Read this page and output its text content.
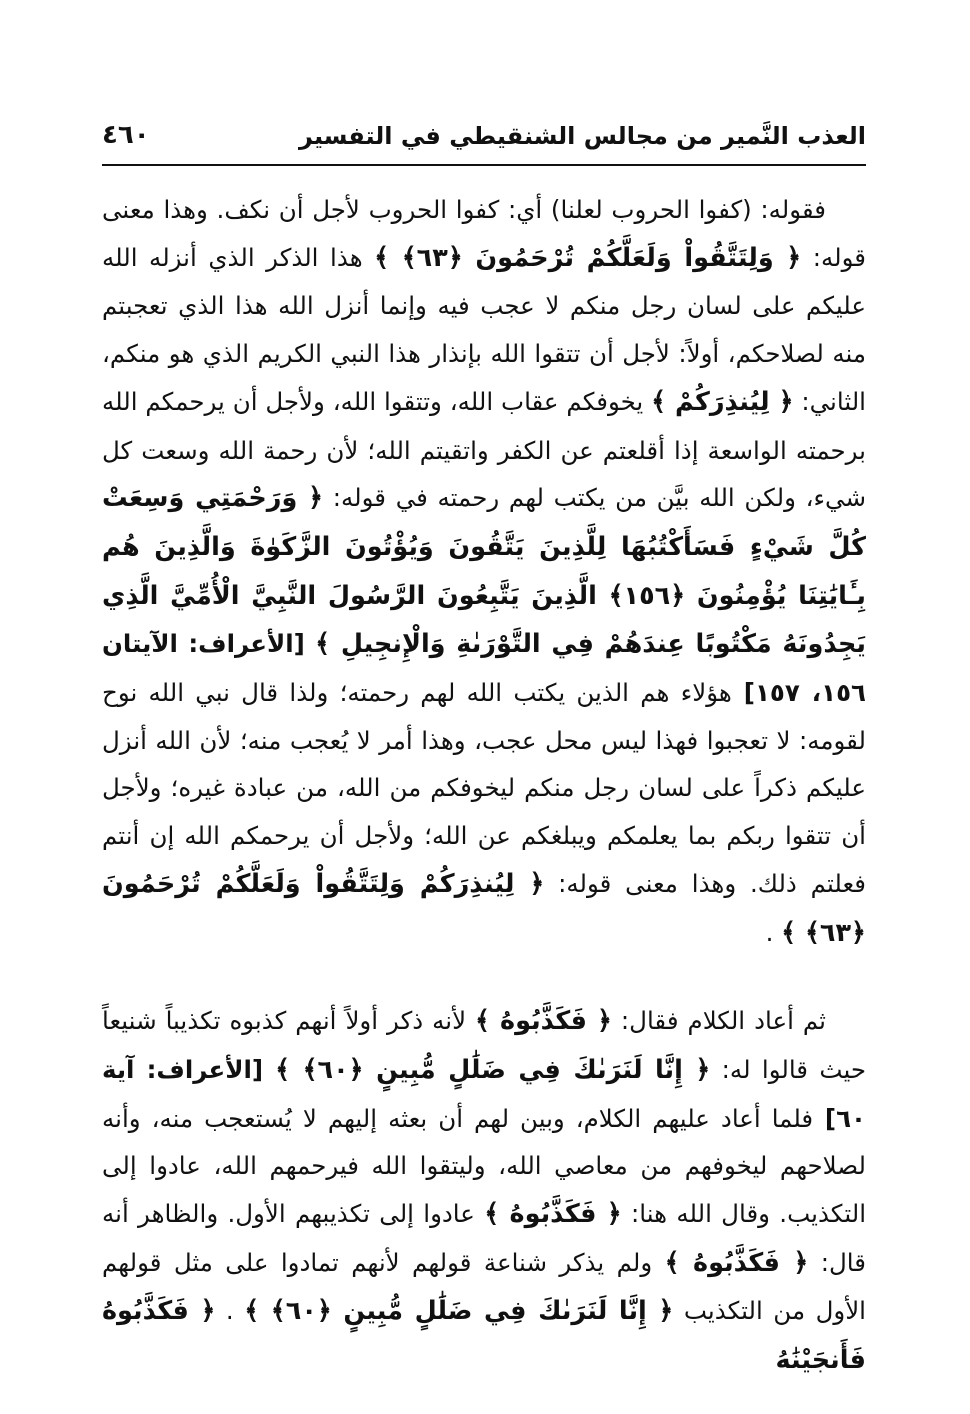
العذب النَّمير من مجالس الشنقيطي في التفسير
٤٦٠

فقوله: (كفوا الحروب لعلنا) أي: كفوا الحروب لأجل أن نكف. وهذا معنى قوله: ﴿ وَلِتَتَّقُواْ وَلَعَلَّكُمْ تُرْحَمُونَ ﴿٦٣﴾ ﴾ هذا الذكر الذي أنزله الله عليكم على لسان رجل منكم لا عجب فيه وإنما أنزل الله هذا الذي تعجبتم منه لصلاحكم، أولاً: لأجل أن تتقوا الله بإنذار هذا النبي الكريم الذي هو منكم، الثاني: ﴿ لِيُنذِرَكُمْ ﴾ يخوفكم عقاب الله، وتتقوا الله، ولأجل أن يرحمكم الله برحمته الواسعة إذا أقلعتم عن الكفر واتقيتم الله؛ لأن رحمة الله وسعت كل شيء، ولكن الله بيَّن من يكتب لهم رحمته في قوله: ﴿ وَرَحْمَتِي وَسِعَتْ كُلَّ شَيْءٍ فَسَأَكْتُبُهَا لِلَّذِينَ يَتَّقُونَ وَيُؤْتُونَ الزَّكَوٰةَ وَالَّذِينَ هُم بِـَٔايَٰتِنَا يُؤْمِنُونَ ﴿١٥٦﴾ الَّذِينَ يَتَّبِعُونَ الرَّسُولَ النَّبِيَّ الْأُمِّيَّ الَّذِي يَجِدُونَهُ مَكْتُوبًا عِندَهُمْ فِي التَّوْرَىٰةِ وَالْإِنجِيلِ ﴾ [الأعراف: الآيتان ١٥٦، ١٥٧] هؤلاء هم الذين يكتب الله لهم رحمته؛ ولذا قال نبي الله نوح لقومه: لا تعجبوا فهذا ليس محل عجب، وهذا أمر لا يُعجب منه؛ لأن الله أنزل عليكم ذكراً على لسان رجل منكم ليخوفكم من الله، من عبادة غيره؛ ولأجل أن تتقوا ربكم بما يعلمكم ويبلغكم عن الله؛ ولأجل أن يرحمكم الله إن أنتم فعلتم ذلك. وهذا معنى قوله: ﴿ لِيُنذِرَكُمْ وَلِتَتَّقُواْ وَلَعَلَّكُمْ تُرْحَمُونَ ﴿٦٣﴾ ﴾ .

ثم أعاد الكلام فقال: ﴿ فَكَذَّبُوهُ ﴾ لأنه ذكر أولاً أنهم كذبوه تكذيباً شنيعاً حيث قالوا له: ﴿ إِنَّا لَنَرَىٰكَ فِي ضَلَٰلٍ مُّبِينٍ ﴿٦٠﴾ ﴾ [الأعراف: آية ٦٠] فلما أعاد عليهم الكلام، وبين لهم أن بعثه إليهم لا يُستعجب منه، وأنه لصلاحهم ليخوفهم من معاصي الله، وليتقوا الله فيرحمهم الله، عادوا إلى التكذيب. وقال الله هنا: ﴿ فَكَذَّبُوهُ ﴾ عادوا إلى تكذيبهم الأول. والظاهر أنه قال: ﴿ فَكَذَّبُوهُ ﴾ ولم يذكر شناعة قولهم لأنهم تمادوا على مثل قولهم الأول من التكذيب ﴿ إِنَّا لَنَرَىٰكَ فِي ضَلَٰلٍ مُّبِينٍ ﴿٦٠﴾ ﴾ . ﴿ فَكَذَّبُوهُ فَأَنجَيْنَٰهُ
